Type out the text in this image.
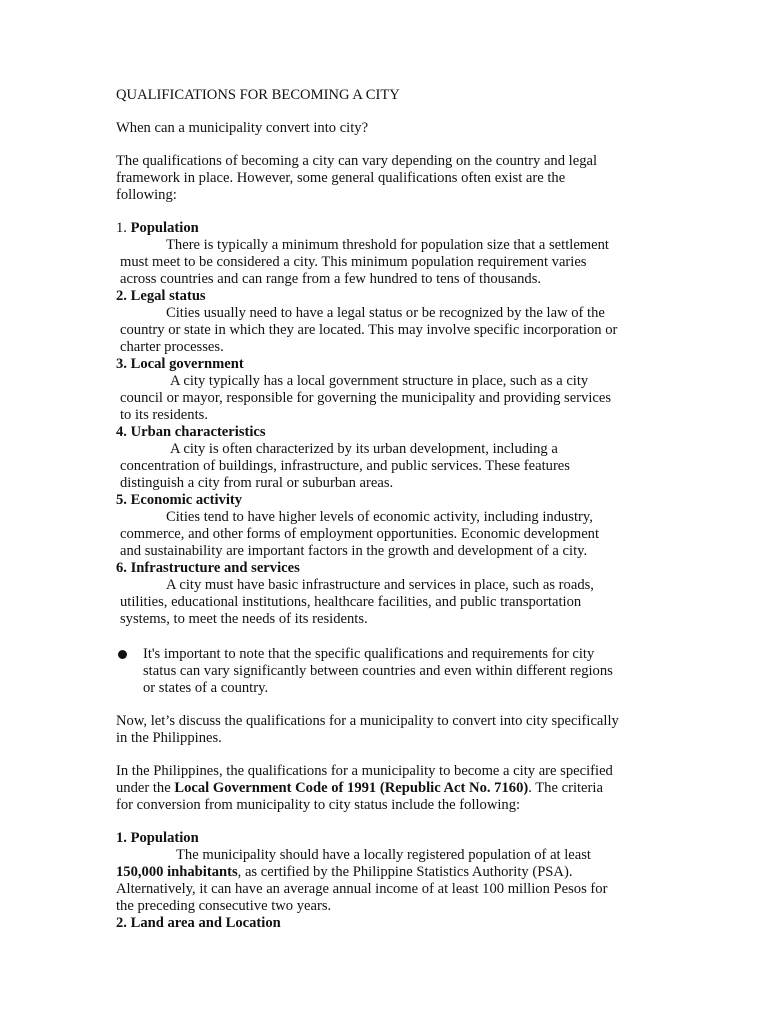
QUALIFICATIONS FOR BECOMING A CITY
When can a municipality convert into city?
The qualifications of becoming a city can vary depending on the country and legal
framework in place. However, some general qualifications often exist are the
following:
1. Population
There is typically a minimum threshold for population size that a settlement
must meet to be considered a city. This minimum population requirement varies
across countries and can range from a few hundred to tens of thousands.
2. Legal status
Cities usually need to have a legal status or be recognized by the law of the
country or state in which they are located. This may involve specific incorporation or
charter processes.
3. Local government
A city typically has a local government structure in place, such as a city
council or mayor, responsible for governing the municipality and providing services
to its residents.
4. Urban characteristics
A city is often characterized by its urban development, including a
concentration of buildings, infrastructure, and public services. These features
distinguish a city from rural or suburban areas.
5. Economic activity
Cities tend to have higher levels of economic activity, including industry,
commerce, and other forms of employment opportunities. Economic development
and sustainability are important factors in the growth and development of a city.
6. Infrastructure and services
A city must have basic infrastructure and services in place, such as roads,
utilities, educational institutions, healthcare facilities, and public transportation
systems, to meet the needs of its residents.
It's important to note that the specific qualifications and requirements for city
status can vary significantly between countries and even within different regions
or states of a country.
Now, let’s discuss the qualifications for a municipality to convert into city specifically
in the Philippines.
In the Philippines, the qualifications for a municipality to become a city are specified
under the Local Government Code of 1991 (Republic Act No. 7160). The criteria
for conversion from municipality to city status include the following:
1. Population
The municipality should have a locally registered population of at least
150,000 inhabitants, as certified by the Philippine Statistics Authority (PSA).
Alternatively, it can have an average annual income of at least 100 million Pesos for
the preceding consecutive two years.
2. Land area and Location
